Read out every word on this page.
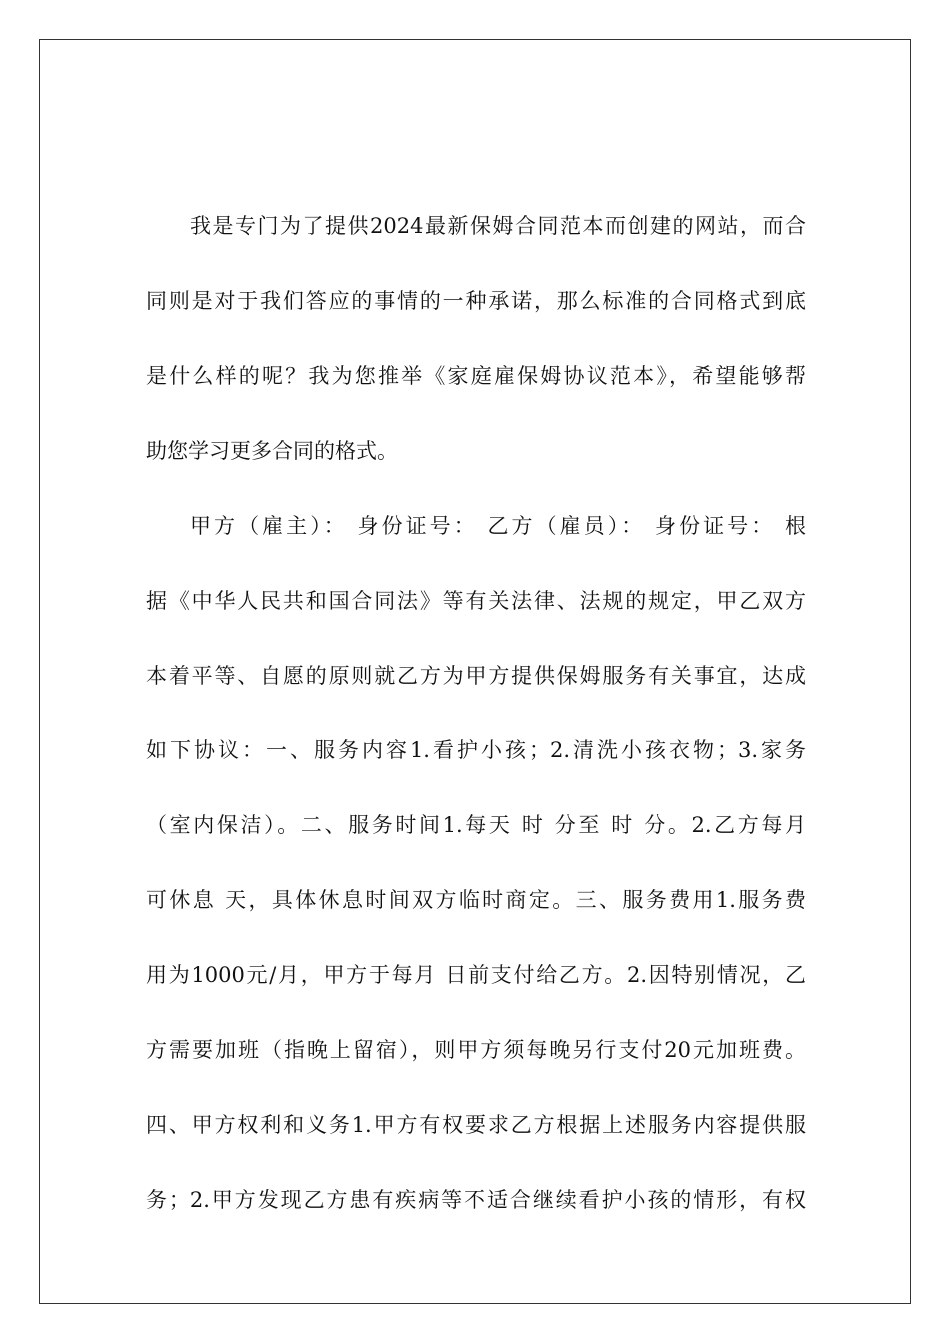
我是专门为了提供2024最新保姆合同范本而创建的网站，而合
同则是对于我们答应的事情的一种承诺，那么标准的合同格式到底
是什么样的呢？我为您推举《家庭雇保姆协议范本》，希望能够帮
助您学习更多合同的格式。
甲方（雇主）： 身份证号： 乙方（雇员）： 身份证号： 根
据《中华人民共和国合同法》等有关法律、法规的规定，甲乙双方
本着平等、自愿的原则就乙方为甲方提供保姆服务有关事宜，达成
如下协议：一、服务内容1.看护小孩；2.清洗小孩衣物；3.家务
（室内保洁）。二、服务时间1.每天 时 分至 时 分。2.乙方每月
可休息 天，具体休息时间双方临时商定。三、服务费用1.服务费
用为1000元/月，甲方于每月 日前支付给乙方。2.因特别情况，乙
方需要加班（指晚上留宿），则甲方须每晚另行支付20元加班费。
四、甲方权利和义务1.甲方有权要求乙方根据上述服务内容提供服
务；2.甲方发现乙方患有疾病等不适合继续看护小孩的情形，有权
